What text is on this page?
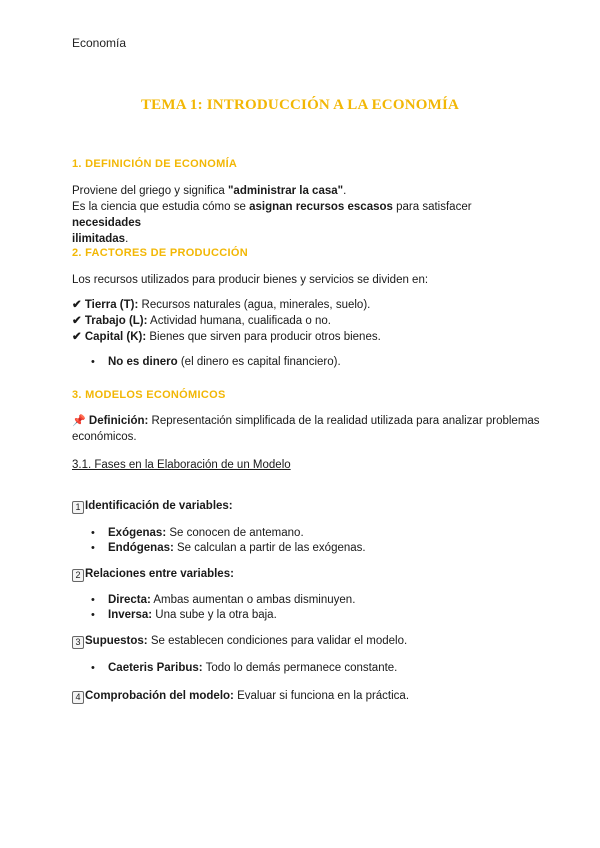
Economía
TEMA 1: INTRODUCCIÓN A LA ECONOMÍA
1. DEFINICIÓN DE ECONOMÍA
Proviene del griego y significa "administrar la casa".
Es la ciencia que estudia cómo se asignan recursos escasos para satisfacer necesidades
ilimitadas.
2. FACTORES DE PRODUCCIÓN
Los recursos utilizados para producir bienes y servicios se dividen en:
✔ Tierra (T): Recursos naturales (agua, minerales, suelo).
✔ Trabajo (L): Actividad humana, cualificada o no.
✔ Capital (K): Bienes que sirven para producir otros bienes.
• No es dinero (el dinero es capital financiero).
3. MODELOS ECONÓMICOS
📌 Definición: Representación simplificada de la realidad utilizada para analizar problemas
económicos.
3.1. Fases en la Elaboración de un Modelo
1 Identificación de variables:
• Exógenas: Se conocen de antemano.
• Endógenas: Se calculan a partir de las exógenas.
2 Relaciones entre variables:
• Directa: Ambas aumentan o ambas disminuyen.
• Inversa: Una sube y la otra baja.
3 Supuestos: Se establecen condiciones para validar el modelo.
• Caeteris Paribus: Todo lo demás permanece constante.
4 Comprobación del modelo: Evaluar si funciona en la práctica.
